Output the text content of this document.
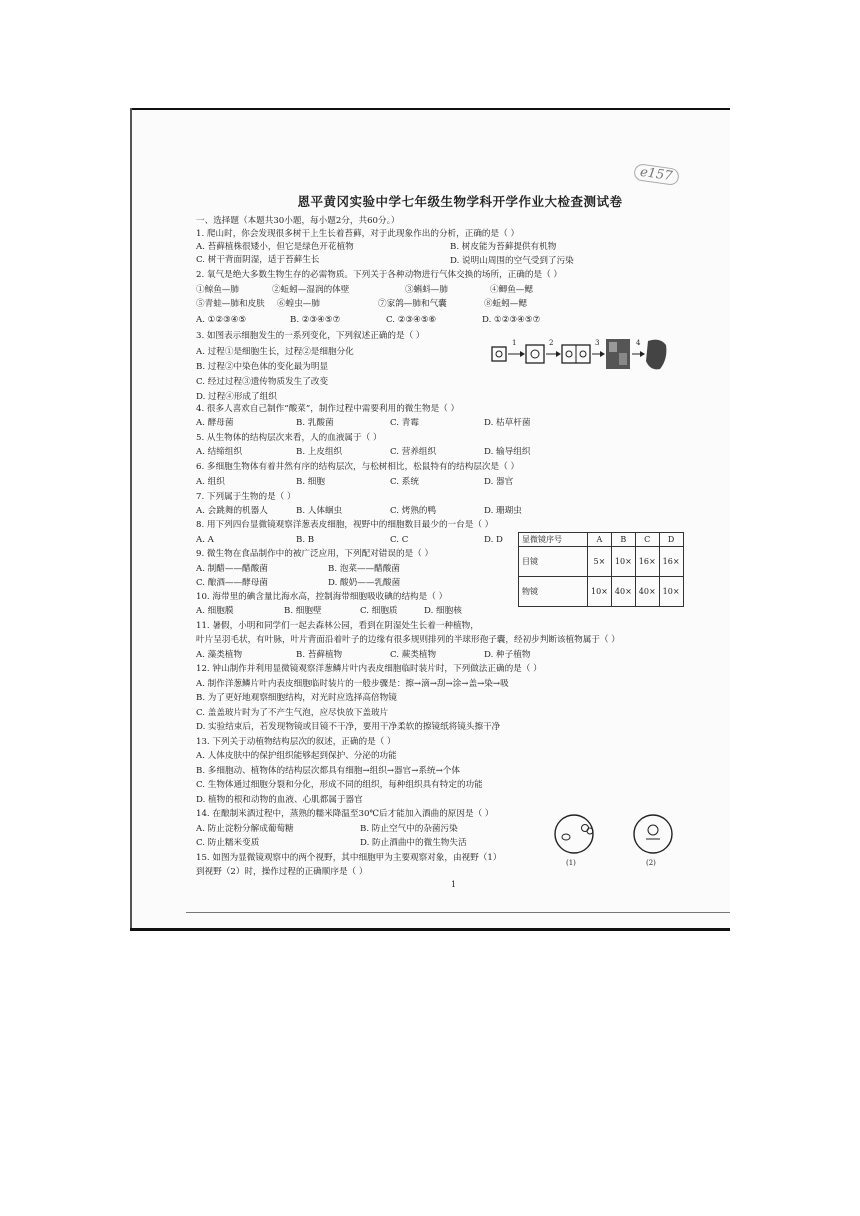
e157
恩平黄冈实验中学七年级生物学科开学作业大检查测试卷
一、选择题（本题共30小题，每小题2分，共60分。）
1. 爬山时，你会发现很多树干上生长着苔藓，对于此现象作出的分析，正确的是（ ）
A. 苔藓植株很矮小，但它是绿色开花植物	B. 树皮能为苔藓提供有机物
C. 树干背面阴湿，适于苔藓生长	D. 说明山周围的空气受到了污染
2. 氧气是绝大多数生物生存的必需物质。下列关于各种动物进行气体交换的场所，正确的是（ ）
①鲸鱼—肺	②蚯蚓—湿润的体壁	③蝌蚪—肺	④鲫鱼—鳃
⑤青蛙—肺和皮肤 ⑥蝗虫—肺	⑦家鸽—肺和气囊	⑧蚯蚓—鳃
A. ①②③④⑤	B. ②③④⑤⑦	C. ②③④⑤⑥	D. ①②③④⑤⑦
3. 如图表示细胞发生的一系列变化，下列叙述正确的是（ ）
A. 过程①是细胞生长，过程②是细胞分化
B. 过程②中染色体的变化最为明显
C. 经过过程③遗传物质发生了改变
D. 过程④形成了组织
4. 很多人喜欢自己制作“酸菜”，制作过程中需要利用的微生物是（ ）
A. 酵母菌	B. 乳酸菌	C. 青霉	D. 枯草杆菌
5. 从生物体的结构层次来看，人的血液属于（ ）
A. 结缔组织	B. 上皮组织	C. 营养组织	D. 输导组织
6. 多细胞生物体有着井然有序的结构层次，与松树相比，松鼠特有的结构层次是（ ）
A. 组织	B. 细胞	C. 系统	D. 器官
7. 下列属于生物的是（ ）
A. 会跳舞的机器人	B. 人体蛔虫	C. 烤熟的鸭	D. 珊瑚虫
8. 用下列四台显微镜观察洋葱表皮细胞，视野中的细胞数目最少的一台是（ ）
A. A	B. B	C. C	D. D
9. 微生物在食品制作中的被广泛应用，下列配对错误的是（ ）
A. 制醋——醋酸菌	B. 泡菜——醋酸菌
C. 酿酒——酵母菌	D. 酸奶——乳酸菌
10. 海带里的碘含量比海水高，控制海带细胞吸收碘的结构是（ ）
A. 细胞膜	B. 细胞壁	C. 细胞质	D. 细胞核
11. 暑假，小明和同学们一起去森林公园，看到在阴湿处生长着一种植物，
叶片呈羽毛状，有叶脉，叶片背面沿着叶子的边缘有很多规则排列的半球形孢子囊，经初步判断该植物属于（ ）
A. 藻类植物	B. 苔藓植物	C. 蕨类植物	D. 种子植物
12. 钟山制作并利用显微镜观察洋葱鳞片叶内表皮细胞临时装片时，下列做法正确的是（ ）
A. 制作洋葱鳞片叶内表皮细胞临时装片的一般步骤是：擦→滴→刮→涂→盖→染→吸
B. 为了更好地观察细胞结构，对光时应选择高倍物镜
C. 盖盖玻片时为了不产生气泡，应尽快放下盖玻片
D. 实验结束后，若发现物镜或目镜不干净，要用干净柔软的擦镜纸将镜头擦干净
13. 下列关于动植物结构层次的叙述，正确的是（ ）
A. 人体皮肤中的保护组织能够起到保护、分泌的功能
B. 多细胞动、植物体的结构层次都具有细胞→组织→器官→系统→个体
C. 生物体通过细胞分裂和分化，形成不同的组织，每种组织具有特定的功能
D. 植物的根和动物的血液、心肌都属于器官
14. 在酿制米酒过程中，蒸熟的糯米降温至30℃后才能加入酒曲的原因是（ ）
A. 防止淀粉分解成葡萄糖	B. 防止空气中的杂菌污染
C. 防止糯米变质	D. 防止酒曲中的微生物失活
15. 如图为显微镜观察中的两个视野，其中细胞甲为主要观察对象，由视野（1）
到视野（2）时，操作过程的正确顺序是（ ）
1	2	3	4
显微镜序号	A	B	C	D
目镜	5×	10×	16×	16×
物镜	10×	40×	40×	10×
(1)	(2)
1
